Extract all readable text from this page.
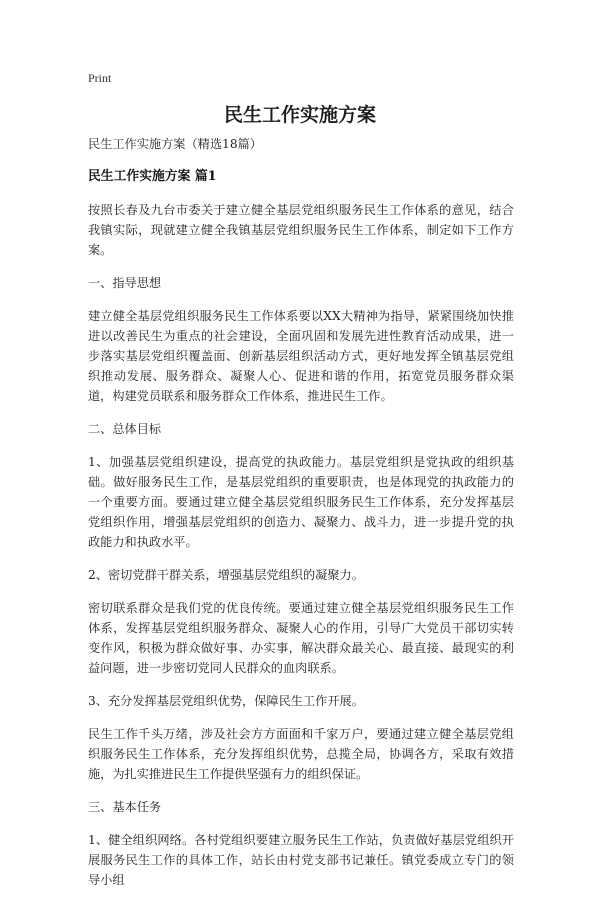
Print
民生工作实施方案

民生工作实施方案（精选18篇）

民生工作实施方案 篇1

按照长春及九台市委关于建立健全基层党组织服务民生工作体系的意见，结合我镇实际，现就建立健全我镇基层党组织服务民生工作体系，制定如下工作方案。

一、指导思想

建立健全基层党组织服务民生工作体系要以XX大精神为指导，紧紧围绕加快推进以改善民生为重点的社会建设，全面巩固和发展先进性教育活动成果，进一步落实基层党组织覆盖面、创新基层组织活动方式，更好地发挥全镇基层党组织推动发展、服务群众、凝聚人心、促进和谐的作用，拓宽党员服务群众渠道，构建党员联系和服务群众工作体系，推进民生工作。

二、总体目标

1、加强基层党组织建设，提高党的执政能力。基层党组织是党执政的组织基础。做好服务民生工作，是基层党组织的重要职责，也是体现党的执政能力的一个重要方面。要通过建立健全基层党组织服务民生工作体系，充分发挥基层党组织作用，增强基层党组织的创造力、凝聚力、战斗力，进一步提升党的执政能力和执政水平。

2、密切党群干群关系，增强基层党组织的凝聚力。

密切联系群众是我们党的优良传统。要通过建立健全基层党组织服务民生工作体系，发挥基层党组织服务群众、凝聚人心的作用，引导广大党员干部切实转变作风，积极为群众做好事、办实事，解决群众最关心、最直接、最现实的利益问题，进一步密切党同人民群众的血肉联系。

3、充分发挥基层党组织优势，保障民生工作开展。

民生工作千头万绪，涉及社会方方面面和千家万户，要通过建立健全基层党组织服务民生工作体系，充分发挥组织优势，总揽全局，协调各方，采取有效措施，为扎实推进民生工作提供坚强有力的组织保证。

三、基本任务

1、健全组织网络。各村党组织要建立服务民生工作站，负责做好基层党组织开展服务民生工作的具体工作，站长由村党支部书记兼任。镇党委成立专门的领导小组
